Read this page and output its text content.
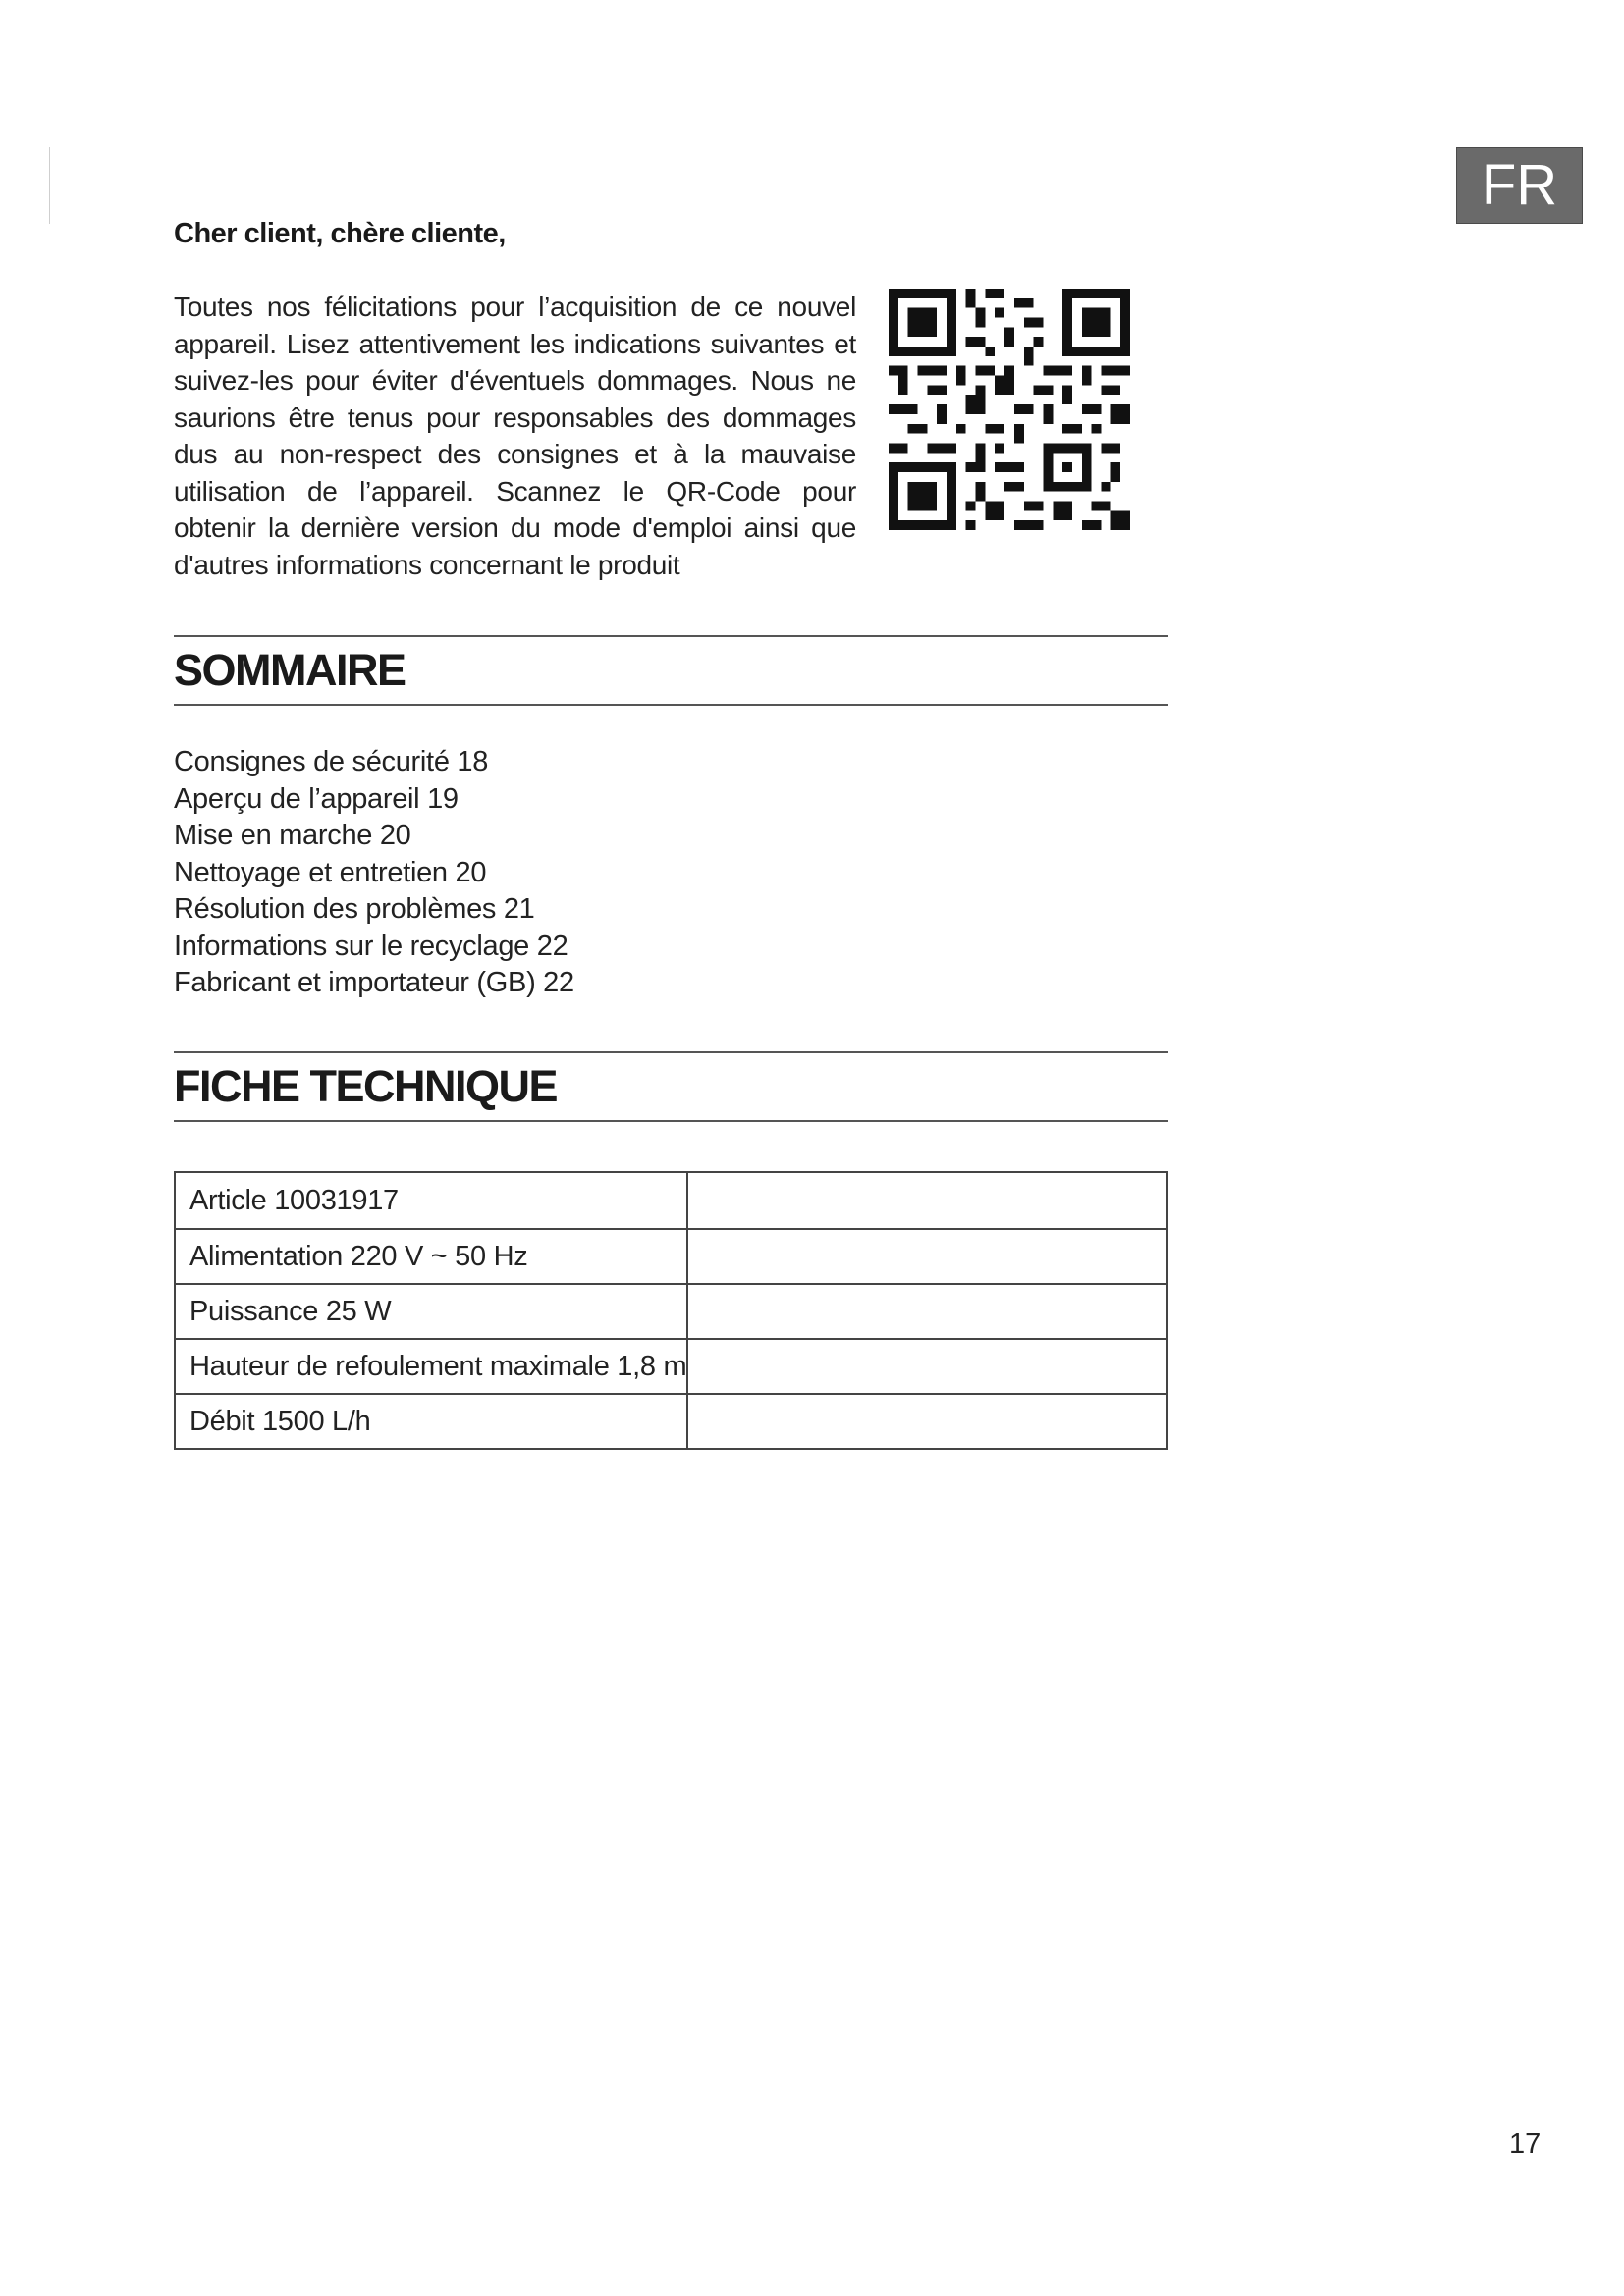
FR

Cher client, chère cliente,

Toutes nos félicitations pour l’acquisition de ce nouvel appareil. Lisez attentivement les indications suivantes et suivez-les pour éviter d'éventuels dommages. Nous ne saurions être tenus pour responsables des dommages dus au non-respect des consignes et à la mauvaise utilisation de l’appareil. Scannez le QR-Code pour obtenir la dernière version du mode d'emploi ainsi que d'autres informations concernant le produit

SOMMAIRE
Consignes de sécurité 18
Aperçu de l’appareil 19
Mise en marche 20
Nettoyage et entretien 20
Résolution des problèmes 21
Informations sur le recyclage 22
Fabricant et importateur (GB) 22
FICHE TECHNIQUE
Article 10031917	
Alimentation 220 V ~ 50 Hz	
Puissance 25 W	
Hauteur de refoulement maximale 1,8 m	
Débit 1500 L/h	
17
